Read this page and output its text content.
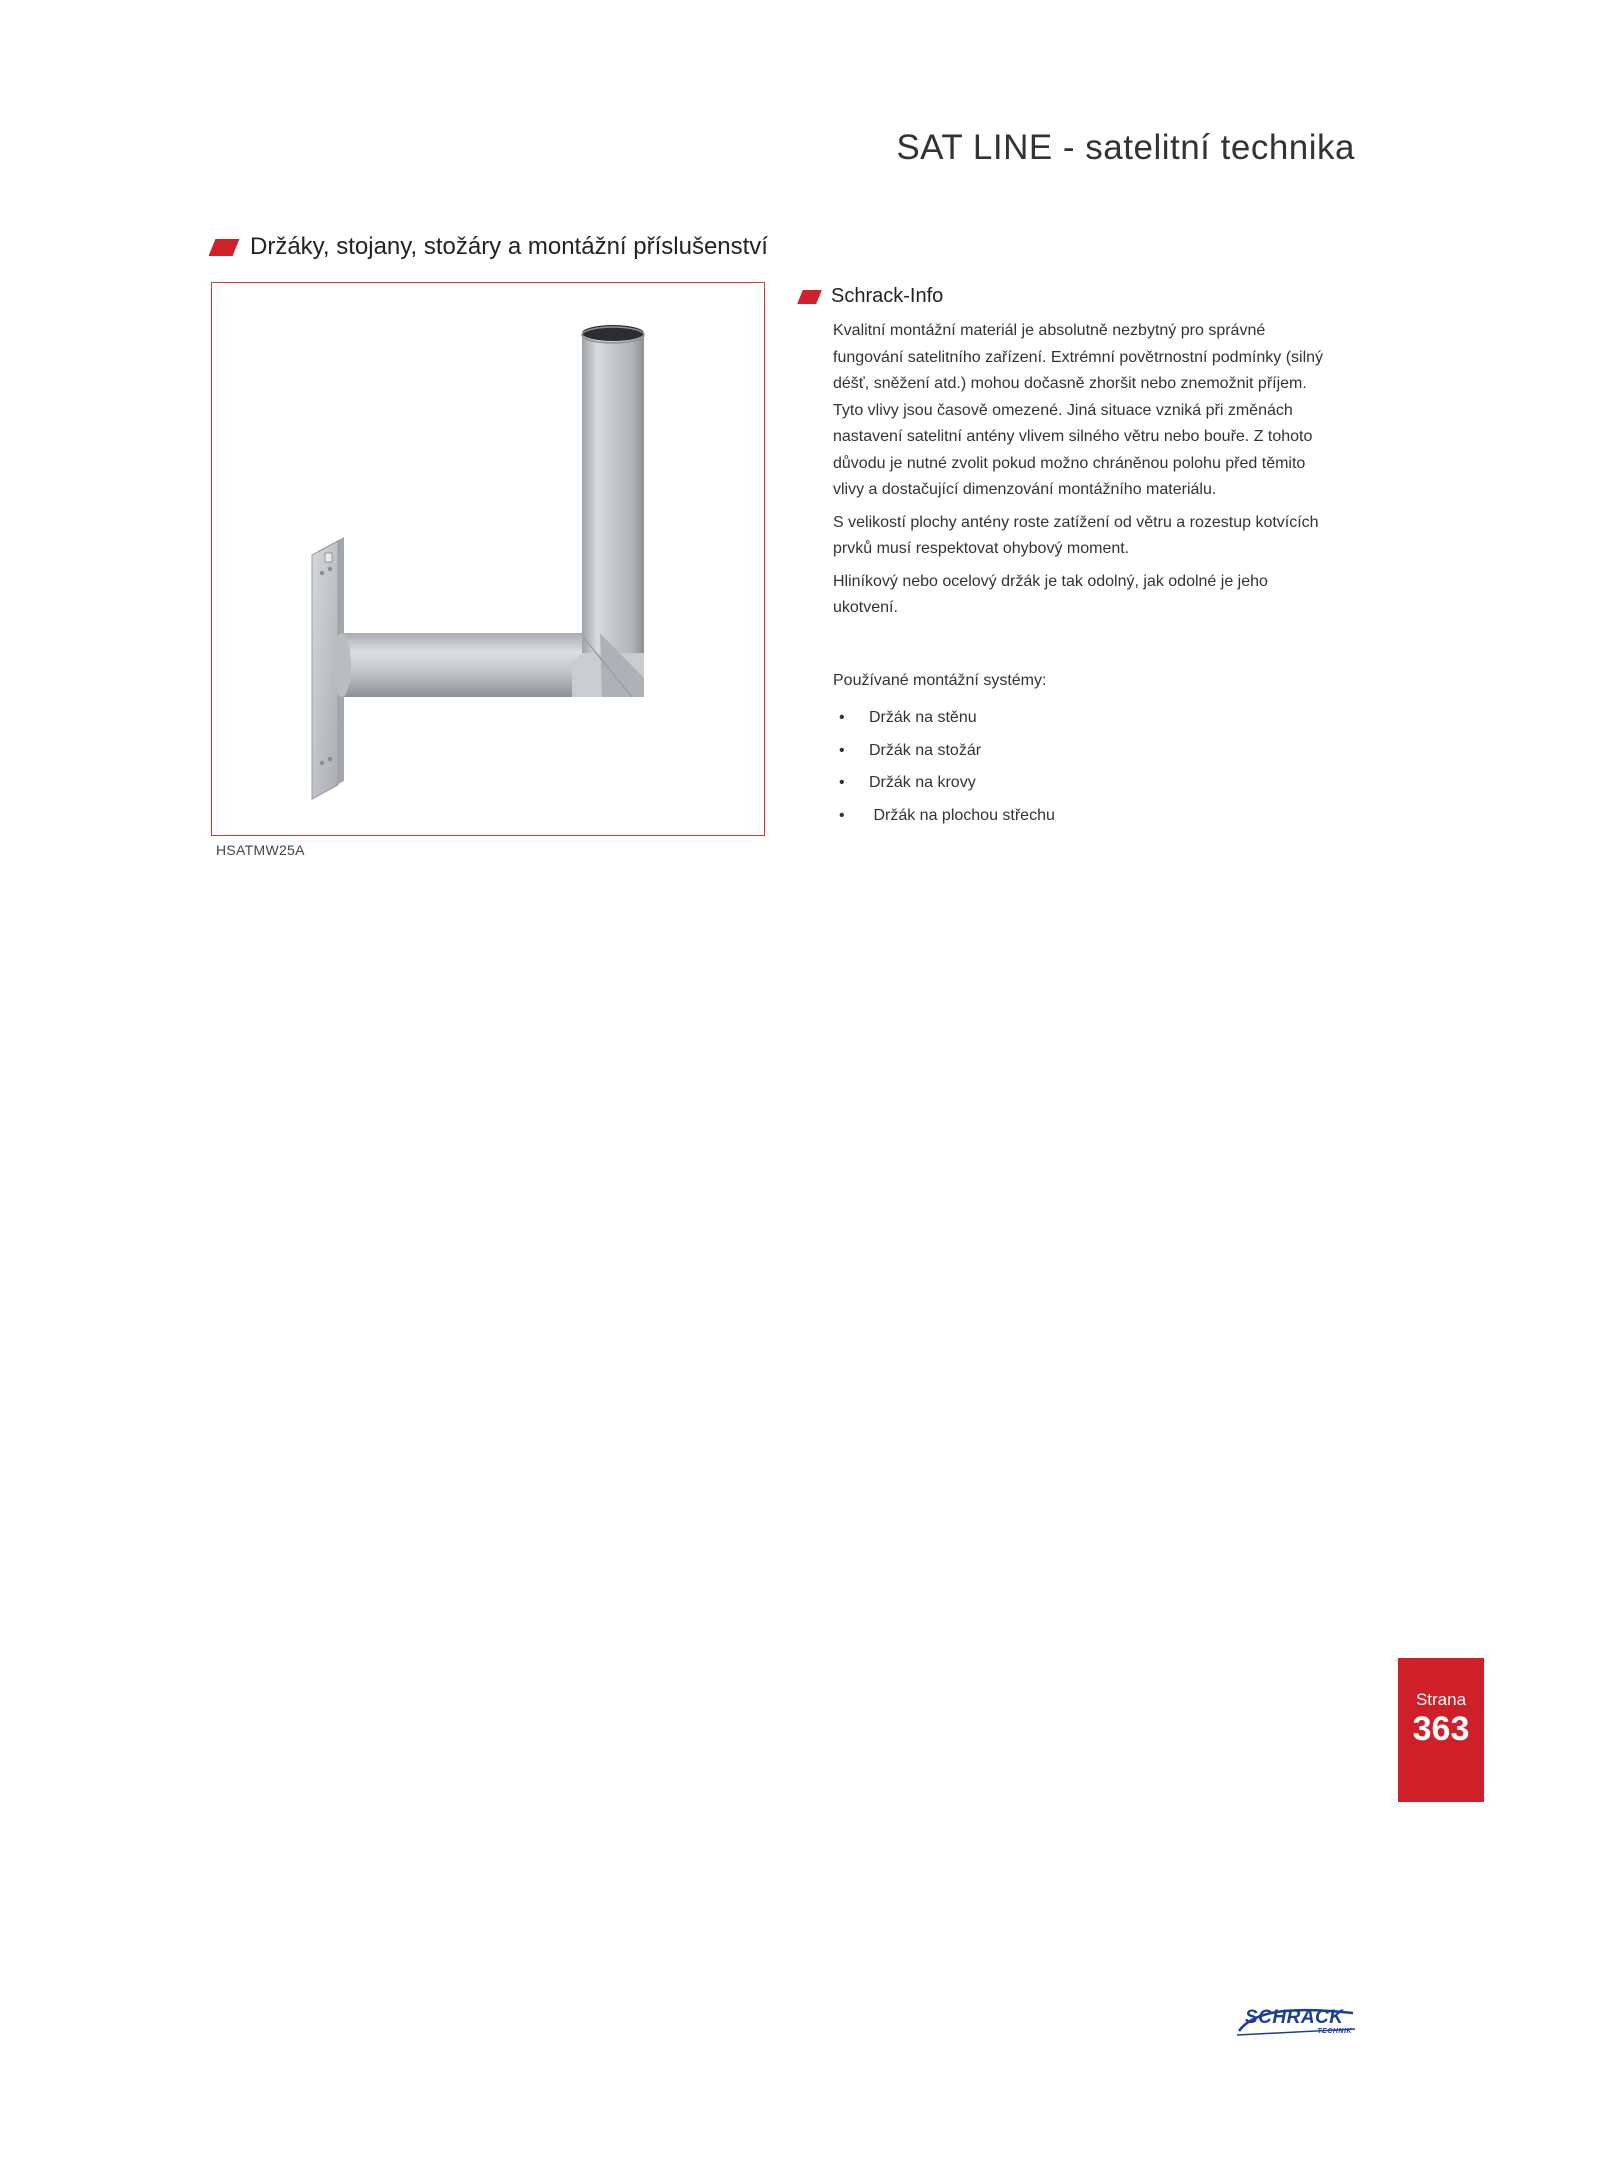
SAT LINE - satelitní technika
Držáky, stojany, stožáry a montážní příslušenství
HSATMW25A
Schrack-Info

Kvalitní montážní materiál je absolutně nezbytný pro správné fungování satelitního zařízení. Extrémní povětrnostní podmínky (silný déšť, sněžení atd.) mohou dočasně zhoršit nebo znemožnit příjem. Tyto vlivy jsou časově omezené. Jiná situace vzniká při změnách nastavení satelitní antény vlivem silného větru nebo bouře. Z tohoto důvodu je nutné zvolit pokud možno chráněnou polohu před těmito vlivy a dostačující dimenzování montážního materiálu.

S velikostí plochy antény roste zatížení od větru a rozestup kotvících prvků musí respektovat ohybový moment.

Hliníkový nebo ocelový držák je tak odolný, jak odolné je jeho ukotvení.

Používané montážní systémy:

• Držák na stěnu
• Držák na stožár
• Držák na krovy
• Držák na plochou střechu
Strana
363
SCHRACK
TECHNIK
